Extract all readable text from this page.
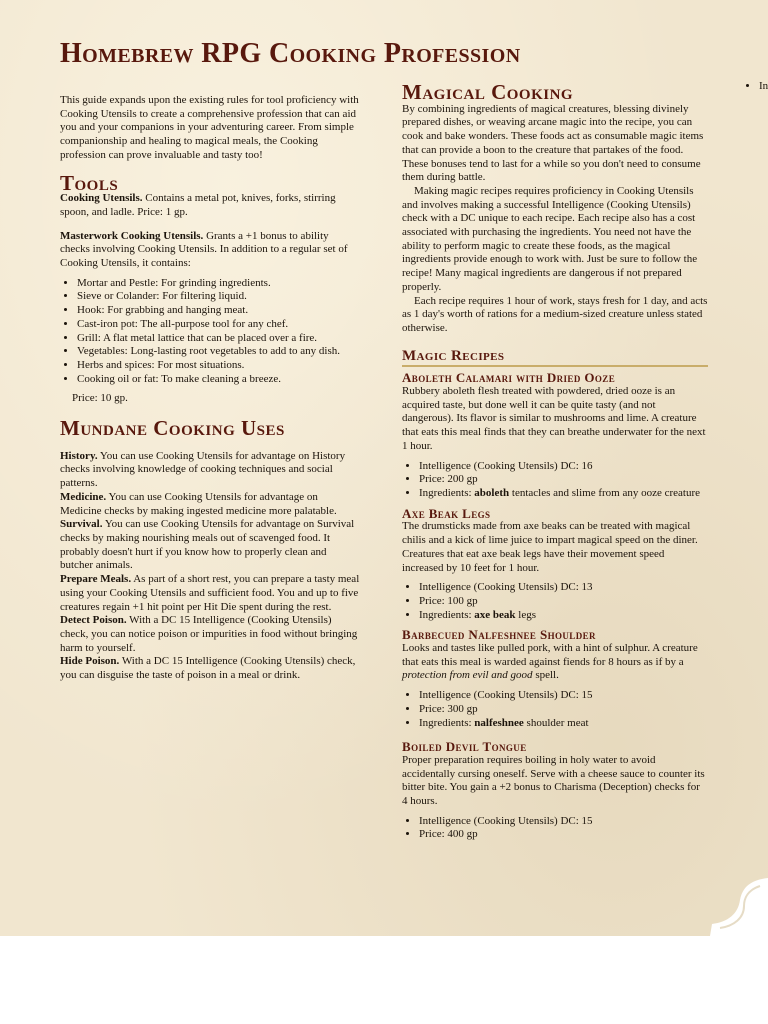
Homebrew RPG Cooking Profession

This guide expands upon the existing rules for tool proficiency with Cooking Utensils to create a comprehensive profession that can aid you and your companions in your adventuring career. From simple companionship and healing to magical meals, the Cooking profession can prove invaluable and tasty too!

Tools

Cooking Utensils. Contains a metal pot, knives, forks, stirring spoon, and ladle. Price: 1 gp.

Masterwork Cooking Utensils. Grants a +1 bonus to ability checks involving Cooking Utensils. In addition to a regular set of Cooking Utensils, it contains:

• Mortar and Pestle: For grinding ingredients.
• Sieve or Colander: For filtering liquid.
• Hook: For grabbing and hanging meat.
• Cast-iron pot: The all-purpose tool for any chef.
• Grill: A flat metal lattice that can be placed over a fire.
• Vegetables: Long-lasting root vegetables to add to any dish.
• Herbs and spices: For most situations.
• Cooking oil or fat: To make cleaning a breeze.

Price: 10 gp.

Mundane Cooking Uses

History. You can use Cooking Utensils for advantage on History checks involving knowledge of cooking techniques and social patterns.

Medicine. You can use Cooking Utensils for advantage on Medicine checks by making ingested medicine more palatable.

Survival. You can use Cooking Utensils for advantage on Survival checks by making nourishing meals out of scavenged food. It probably doesn't hurt if you know how to properly clean and butcher animals.

Prepare Meals. As part of a short rest, you can prepare a tasty meal using your Cooking Utensils and sufficient food. You and up to five creatures regain +1 hit point per Hit Die spent during the rest.

Detect Poison. With a DC 15 Intelligence (Cooking Utensils) check, you can notice poison or impurities in food without bringing harm to yourself.

Hide Poison. With a DC 15 Intelligence (Cooking Utensils) check, you can disguise the taste of poison in a meal or drink.

Magical Cooking

By combining ingredients of magical creatures, blessing divinely prepared dishes, or weaving arcane magic into the recipe, you can cook and bake wonders. These foods act as consumable magic items that can provide a boon to the creature that partakes of the food. These bonuses tend to last for a while so you don't need to consume them during battle.

Making magic recipes requires proficiency in Cooking Utensils and involves making a successful Intelligence (Cooking Utensils) check with a DC unique to each recipe. Each recipe also has a cost associated with purchasing the ingredients. You need not have the ability to perform magic to create these foods, as the magical ingredients provide enough to work with. Just be sure to follow the recipe! Many magical ingredients are dangerous if not prepared properly.

Each recipe requires 1 hour of work, stays fresh for 1 day, and acts as 1 day's worth of rations for a medium-sized creature unless stated otherwise.

Magic Recipes
Aboleth Calamari with Dried Ooze

Rubbery aboleth flesh treated with powdered, dried ooze is an acquired taste, but done well it can be quite tasty (and not dangerous). Its flavor is similar to mushrooms and lime. A creature that eats this meal finds that they can breathe underwater for the next 1 hour.

• Intelligence (Cooking Utensils) DC: 16
• Price: 200 gp
• Ingredients: aboleth tentacles and slime from any ooze creature
Axe Beak Legs

The drumsticks made from axe beaks can be treated with magical chilis and a kick of lime juice to impart magical speed on the diner. Creatures that eat axe beak legs have their movement speed increased by 10 feet for 1 hour.

• Intelligence (Cooking Utensils) DC: 13
• Price: 100 gp
• Ingredients: axe beak legs
Barbecued Nalfeshnee Shoulder

Looks and tastes like pulled pork, with a hint of sulphur. A creature that eats this meal is warded against fiends for 8 hours as if by a protection from evil and good spell.

• Intelligence (Cooking Utensils) DC: 15
• Price: 300 gp
• Ingredients: nalfeshnee shoulder meat
Boiled Devil Tongue

Proper preparation requires boiling in holy water to avoid accidentally cursing oneself. Serve with a cheese sauce to counter its bitter bite. You gain a +2 bonus to Charisma (Deception) checks for 4 hours.

• Intelligence (Cooking Utensils) DC: 15
• Price: 400 gp
• In
